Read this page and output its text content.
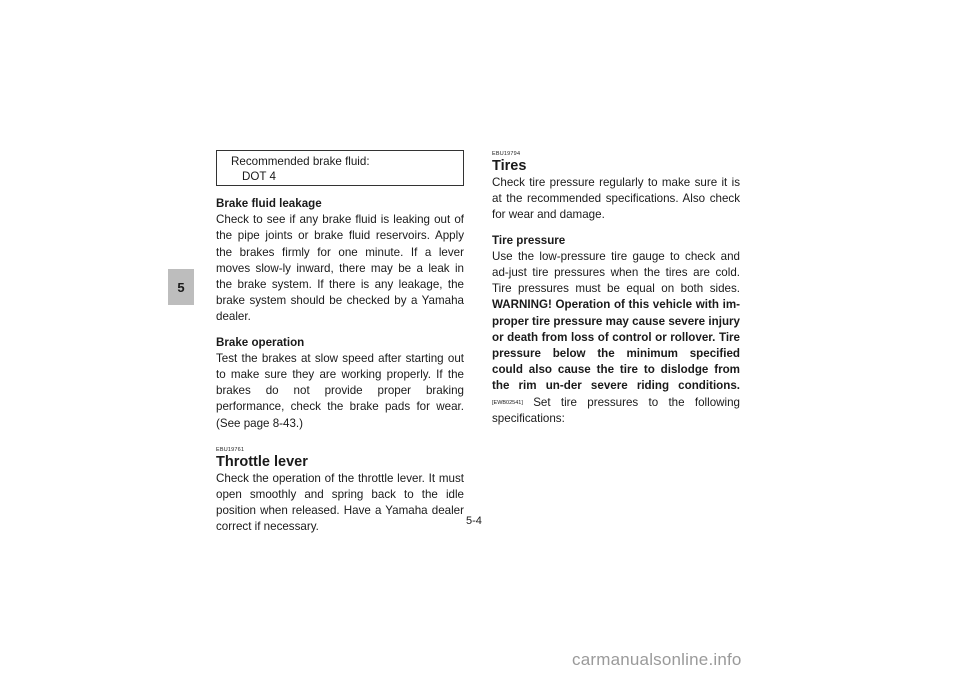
5
Recommended brake fluid:
DOT 4
Brake fluid leakage

Check to see if any brake fluid is leaking out of the pipe joints or brake fluid reservoirs. Apply the brakes firmly for one minute. If a lever moves slow-ly inward, there may be a leak in the brake system. If there is any leakage, the brake system should be checked by a Yamaha dealer.

Brake operation

Test the brakes at slow speed after starting out to make sure they are working properly. If the brakes do not provide proper braking performance, check the brake pads for wear. (See page 8-43.)

EBU19761
Throttle lever

Check the operation of the throttle lever. It must open smoothly and spring back to the idle position when released. Have a Yamaha dealer correct if necessary.

EBU19794
Tires

Check tire pressure regularly to make sure it is at the recommended specifications. Also check for wear and damage.

Tire pressure

Use the low-pressure tire gauge to check and ad-just tire pressures when the tires are cold. Tire pressures must be equal on both sides. WARNING! Operation of this vehicle with im-proper tire pressure may cause severe injury or death from loss of control or rollover. Tire pressure below the minimum specified could also cause the tire to dislodge from the rim un-der severe riding conditions. [EWB02541] Set tire pressures to the following specifications:

5-4
carmanualsonline.info
